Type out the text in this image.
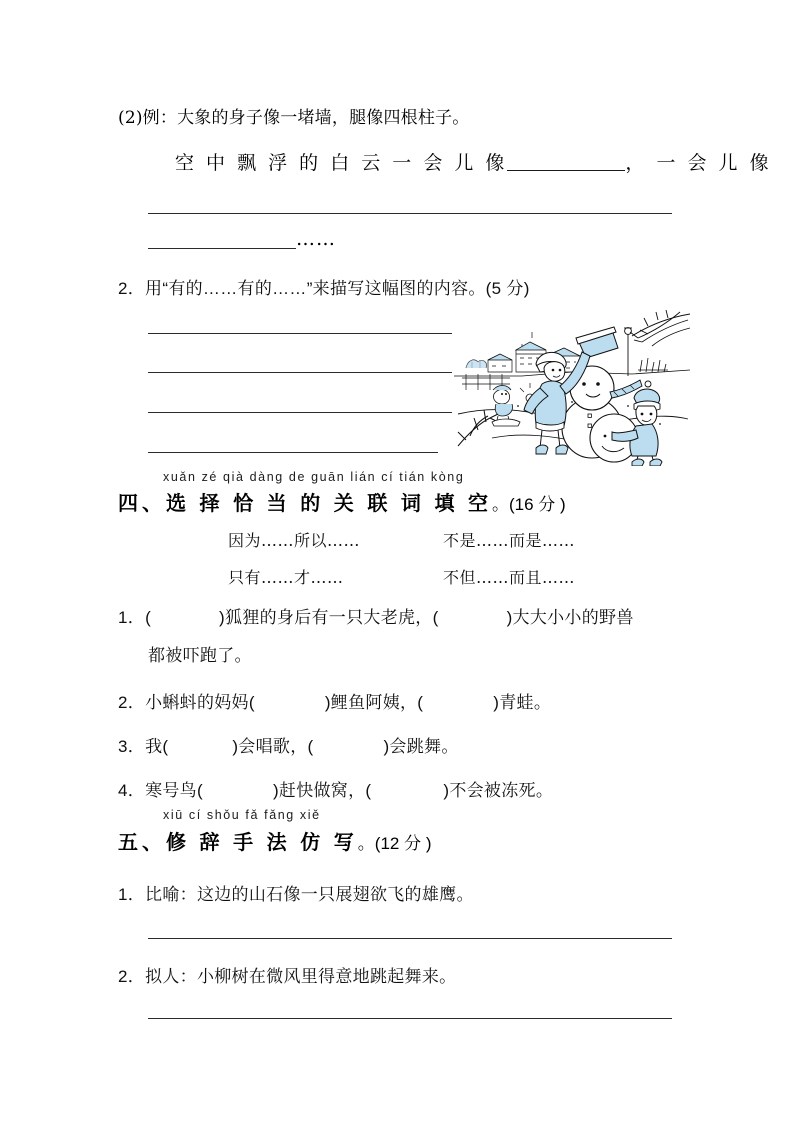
(2)例：大象的身子像一堵墙，腿像四根柱子。
空 中 飘 浮 的 白 云 一 会 儿 像	， 一 会 儿 像
……
2．用“有的……有的……”来描写这幅图的内容。(5 分)
xuǎn zé qià dàng de guān lián cí tián kòng
四、选 择 恰 当 的 关 联 词 填 空。(16 分 )
因为……所以……	不是……而是……
只有……才……	不但……而且……
1．(	)狐狸的身后有一只大老虎，(	)大大小小的野兽
都被吓跑了。
2．小蝌蚪的妈妈(	)鲤鱼阿姨，(	)青蛙。
3．我(	)会唱歌，(	)会跳舞。
4．寒号鸟(	)赶快做窝，(	)不会被冻死。
xiū cí shǒu fǎ fǎng xiě
五、修 辞 手 法 仿 写。(12 分 )
1．比喻：这边的山石像一只展翅欲飞的雄鹰。
2．拟人：小柳树在微风里得意地跳起舞来。
